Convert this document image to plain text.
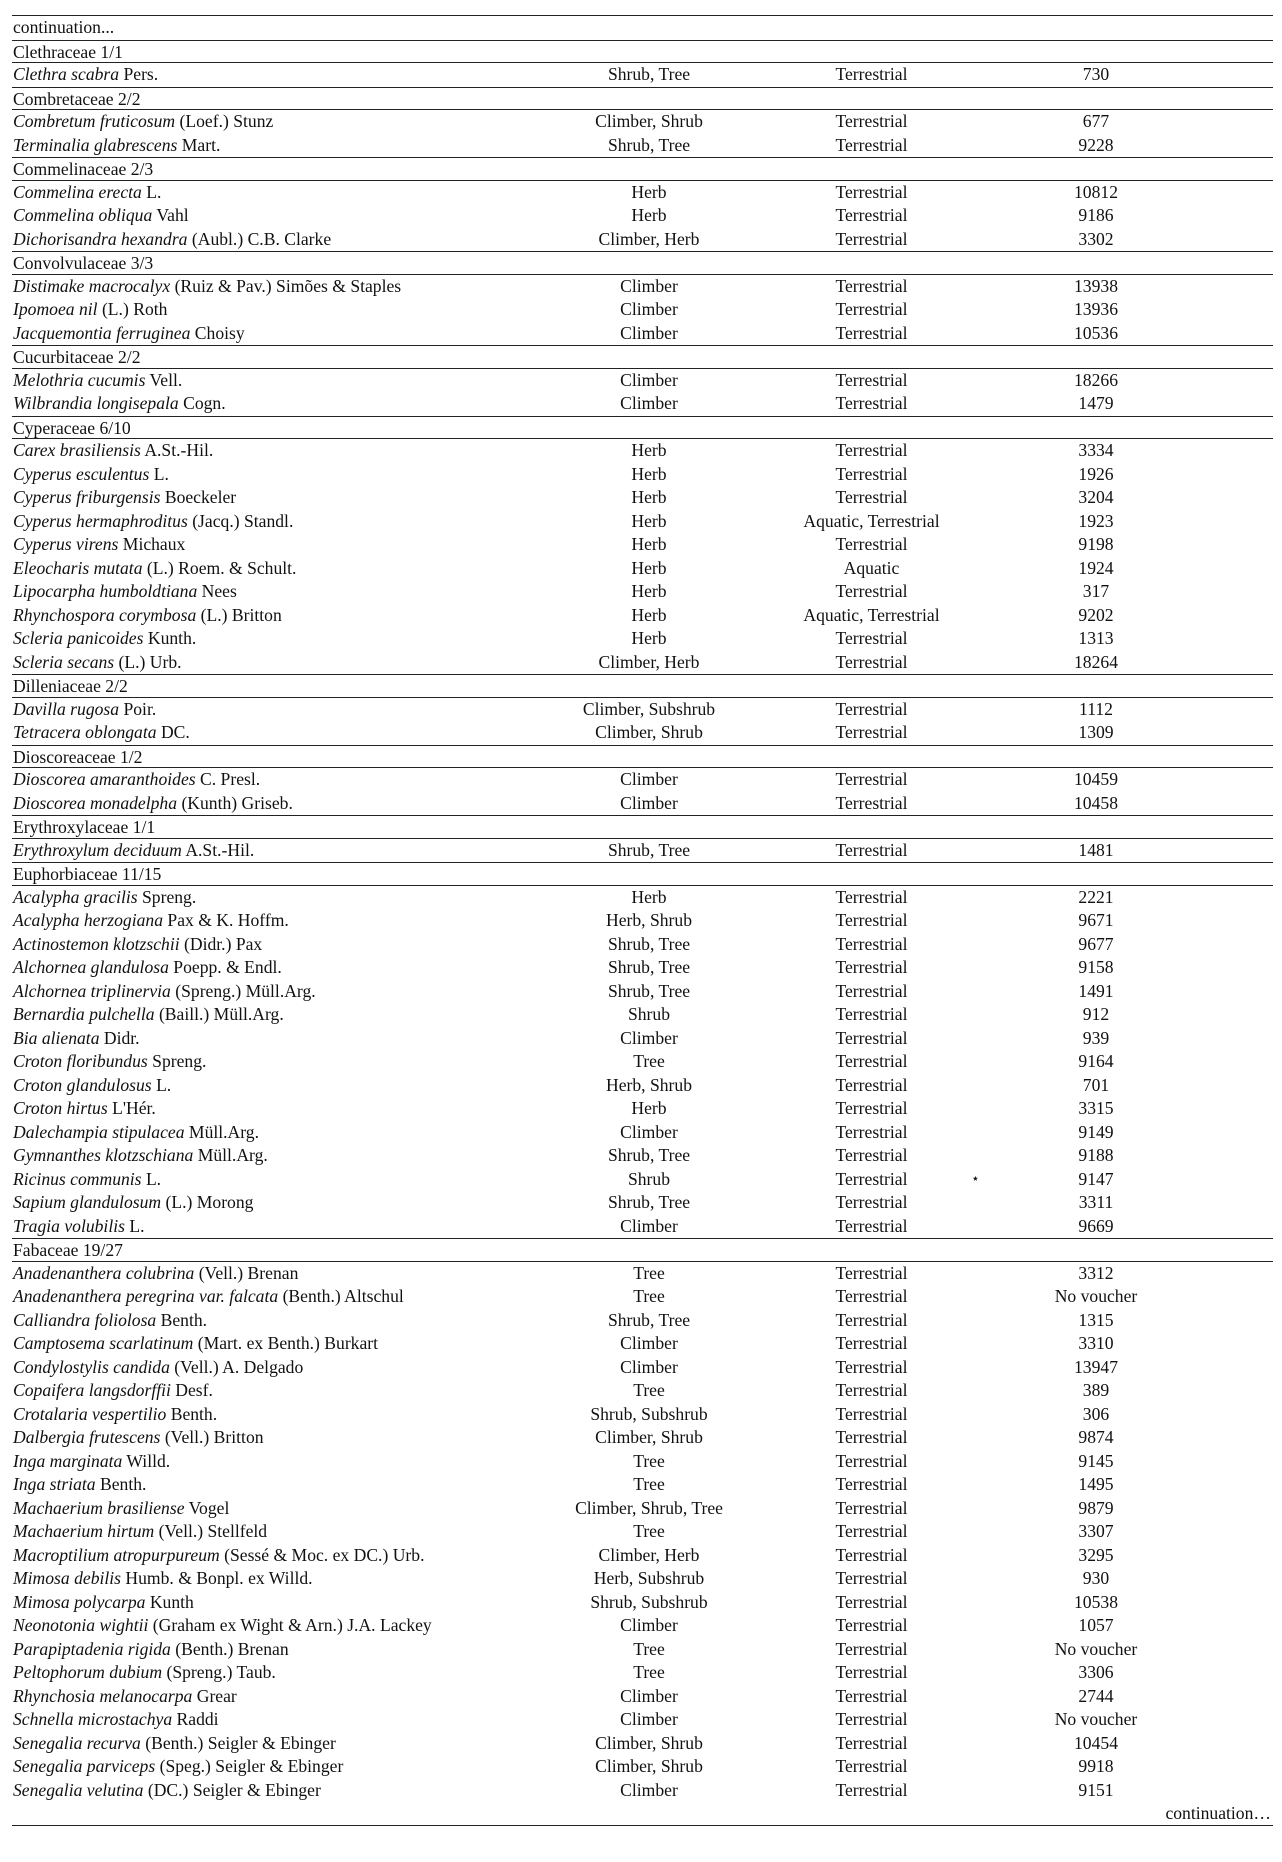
continuation...
Clethraceae 1/1
Clethra scabra Pers.	Shrub, Tree	Terrestrial	730
Combretaceae 2/2
Combretum fruticosum (Loef.) Stunz	Climber, Shrub	Terrestrial	677
Terminalia glabrescens Mart.	Shrub, Tree	Terrestrial	9228
Commelinaceae 2/3
Commelina erecta L.	Herb	Terrestrial	10812
Commelina obliqua Vahl	Herb	Terrestrial	9186
Dichorisandra hexandra (Aubl.) C.B. Clarke	Climber, Herb	Terrestrial	3302
Convolvulaceae 3/3
Distimake macrocalyx (Ruiz & Pav.) Simões & Staples	Climber	Terrestrial	13938
Ipomoea nil (L.) Roth	Climber	Terrestrial	13936
Jacquemontia ferruginea Choisy	Climber	Terrestrial	10536
Cucurbitaceae 2/2
Melothria cucumis Vell.	Climber	Terrestrial	18266
Wilbrandia longisepala Cogn.	Climber	Terrestrial	1479
Cyperaceae 6/10
Carex brasiliensis A.St.-Hil.	Herb	Terrestrial	3334
Cyperus esculentus L.	Herb	Terrestrial	1926
Cyperus friburgensis Boeckeler	Herb	Terrestrial	3204
Cyperus hermaphroditus (Jacq.) Standl.	Herb	Aquatic, Terrestrial	1923
Cyperus virens Michaux	Herb	Terrestrial	9198
Eleocharis mutata (L.) Roem. & Schult.	Herb	Aquatic	1924
Lipocarpha humboldtiana Nees	Herb	Terrestrial	317
Rhynchospora corymbosa (L.) Britton	Herb	Aquatic, Terrestrial	9202
Scleria panicoides Kunth.	Herb	Terrestrial	1313
Scleria secans (L.) Urb.	Climber, Herb	Terrestrial	18264
Dilleniaceae 2/2
Davilla rugosa Poir.	Climber, Subshrub	Terrestrial	1112
Tetracera oblongata DC.	Climber, Shrub	Terrestrial	1309
Dioscoreaceae 1/2
Dioscorea amaranthoides C. Presl.	Climber	Terrestrial	10459
Dioscorea monadelpha (Kunth) Griseb.	Climber	Terrestrial	10458
Erythroxylaceae 1/1
Erythroxylum deciduum A.St.-Hil.	Shrub, Tree	Terrestrial	1481
Euphorbiaceae 11/15
Acalypha gracilis Spreng.	Herb	Terrestrial	2221
Acalypha herzogiana Pax & K. Hoffm.	Herb, Shrub	Terrestrial	9671
Actinostemon klotzschii (Didr.) Pax	Shrub, Tree	Terrestrial	9677
Alchornea glandulosa Poepp. & Endl.	Shrub, Tree	Terrestrial	9158
Alchornea triplinervia (Spreng.) Müll.Arg.	Shrub, Tree	Terrestrial	1491
Bernardia pulchella (Baill.) Müll.Arg.	Shrub	Terrestrial	912
Bia alienata Didr.	Climber	Terrestrial	939
Croton floribundus Spreng.	Tree	Terrestrial	9164
Croton glandulosus L.	Herb, Shrub	Terrestrial	701
Croton hirtus L'Hér.	Herb	Terrestrial	3315
Dalechampia stipulacea Müll.Arg.	Climber	Terrestrial	9149
Gymnanthes klotzschiana Müll.Arg.	Shrub, Tree	Terrestrial	9188
Ricinus communis L.	Shrub	Terrestrial	⋆	9147
Sapium glandulosum (L.) Morong	Shrub, Tree	Terrestrial	3311
Tragia volubilis L.	Climber	Terrestrial	9669
Fabaceae 19/27
Anadenanthera colubrina (Vell.) Brenan	Tree	Terrestrial	3312
Anadenanthera peregrina var. falcata (Benth.) Altschul	Tree	Terrestrial	No voucher
Calliandra foliolosa Benth.	Shrub, Tree	Terrestrial	1315
Camptosema scarlatinum (Mart. ex Benth.) Burkart	Climber	Terrestrial	3310
Condylostylis candida (Vell.) A. Delgado	Climber	Terrestrial	13947
Copaifera langsdorffii Desf.	Tree	Terrestrial	389
Crotalaria vespertilio Benth.	Shrub, Subshrub	Terrestrial	306
Dalbergia frutescens (Vell.) Britton	Climber, Shrub	Terrestrial	9874
Inga marginata Willd.	Tree	Terrestrial	9145
Inga striata Benth.	Tree	Terrestrial	1495
Machaerium brasiliense Vogel	Climber, Shrub, Tree	Terrestrial	9879
Machaerium hirtum (Vell.) Stellfeld	Tree	Terrestrial	3307
Macroptilium atropurpureum (Sessé & Moc. ex DC.) Urb.	Climber, Herb	Terrestrial	3295
Mimosa debilis Humb. & Bonpl. ex Willd.	Herb, Subshrub	Terrestrial	930
Mimosa polycarpa Kunth	Shrub, Subshrub	Terrestrial	10538
Neonotonia wightii (Graham ex Wight & Arn.) J.A. Lackey	Climber	Terrestrial	1057
Parapiptadenia rigida (Benth.) Brenan	Tree	Terrestrial	No voucher
Peltophorum dubium (Spreng.) Taub.	Tree	Terrestrial	3306
Rhynchosia melanocarpa Grear	Climber	Terrestrial	2744
Schnella microstachya Raddi	Climber	Terrestrial	No voucher
Senegalia recurva (Benth.) Seigler & Ebinger	Climber, Shrub	Terrestrial	10454
Senegalia parviceps (Speg.) Seigler & Ebinger	Climber, Shrub	Terrestrial	9918
Senegalia velutina (DC.) Seigler & Ebinger	Climber	Terrestrial	9151
continuation…
